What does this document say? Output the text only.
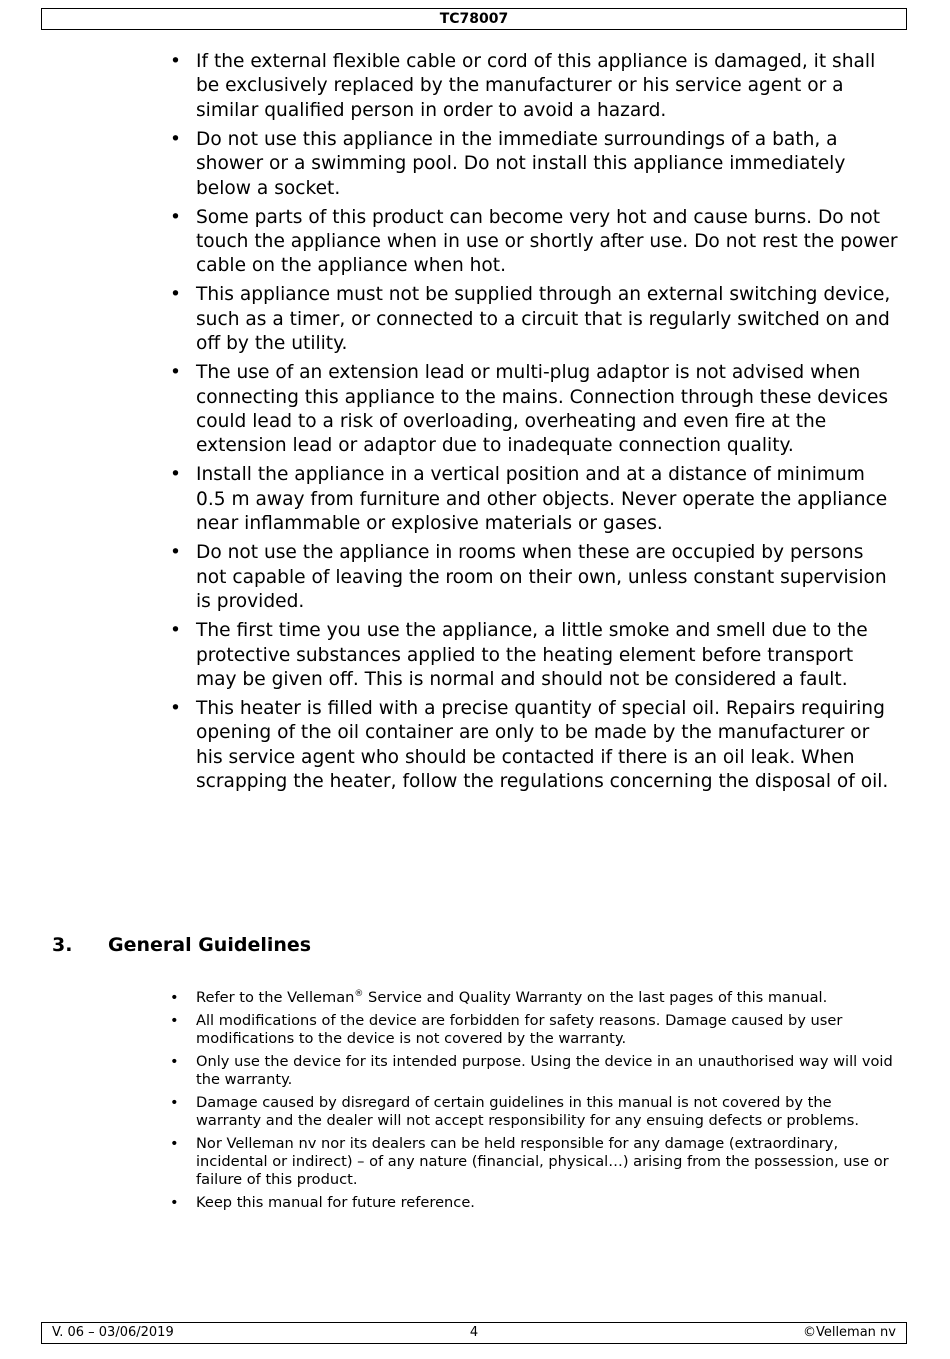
TC78007
• If the external flexible cable or cord of this appliance is damaged, it shall be exclusively replaced by the manufacturer or his service agent or a similar qualified person in order to avoid a hazard.
• Do not use this appliance in the immediate surroundings of a bath, a shower or a swimming pool. Do not install this appliance immediately below a socket.
• Some parts of this product can become very hot and cause burns. Do not touch the appliance when in use or shortly after use. Do not rest the power cable on the appliance when hot.
• This appliance must not be supplied through an external switching device, such as a timer, or connected to a circuit that is regularly switched on and off by the utility.
• The use of an extension lead or multi-plug adaptor is not advised when connecting this appliance to the mains. Connection through these devices could lead to a risk of overloading, overheating and even fire at the extension lead or adaptor due to inadequate connection quality.
• Install the appliance in a vertical position and at a distance of minimum 0.5 m away from furniture and other objects. Never operate the appliance near inflammable or explosive materials or gases.
• Do not use the appliance in rooms when these are occupied by persons not capable of leaving the room on their own, unless constant supervision is provided.
• The first time you use the appliance, a little smoke and smell due to the protective substances applied to the heating element before transport may be given off. This is normal and should not be considered a fault.
• This heater is filled with a precise quantity of special oil. Repairs requiring opening of the oil container are only to be made by the manufacturer or his service agent who should be contacted if there is an oil leak. When scrapping the heater, follow the regulations concerning the disposal of oil.
3. General Guidelines
• Refer to the Velleman® Service and Quality Warranty on the last pages of this manual.
• All modifications of the device are forbidden for safety reasons. Damage caused by user modifications to the device is not covered by the warranty.
• Only use the device for its intended purpose. Using the device in an unauthorised way will void the warranty.
• Damage caused by disregard of certain guidelines in this manual is not covered by the warranty and the dealer will not accept responsibility for any ensuing defects or problems.
• Nor Velleman nv nor its dealers can be held responsible for any damage (extraordinary, incidental or indirect) – of any nature (financial, physical…) arising from the possession, use or failure of this product.
• Keep this manual for future reference.
V. 06 – 03/06/2019	4	©Velleman nv
